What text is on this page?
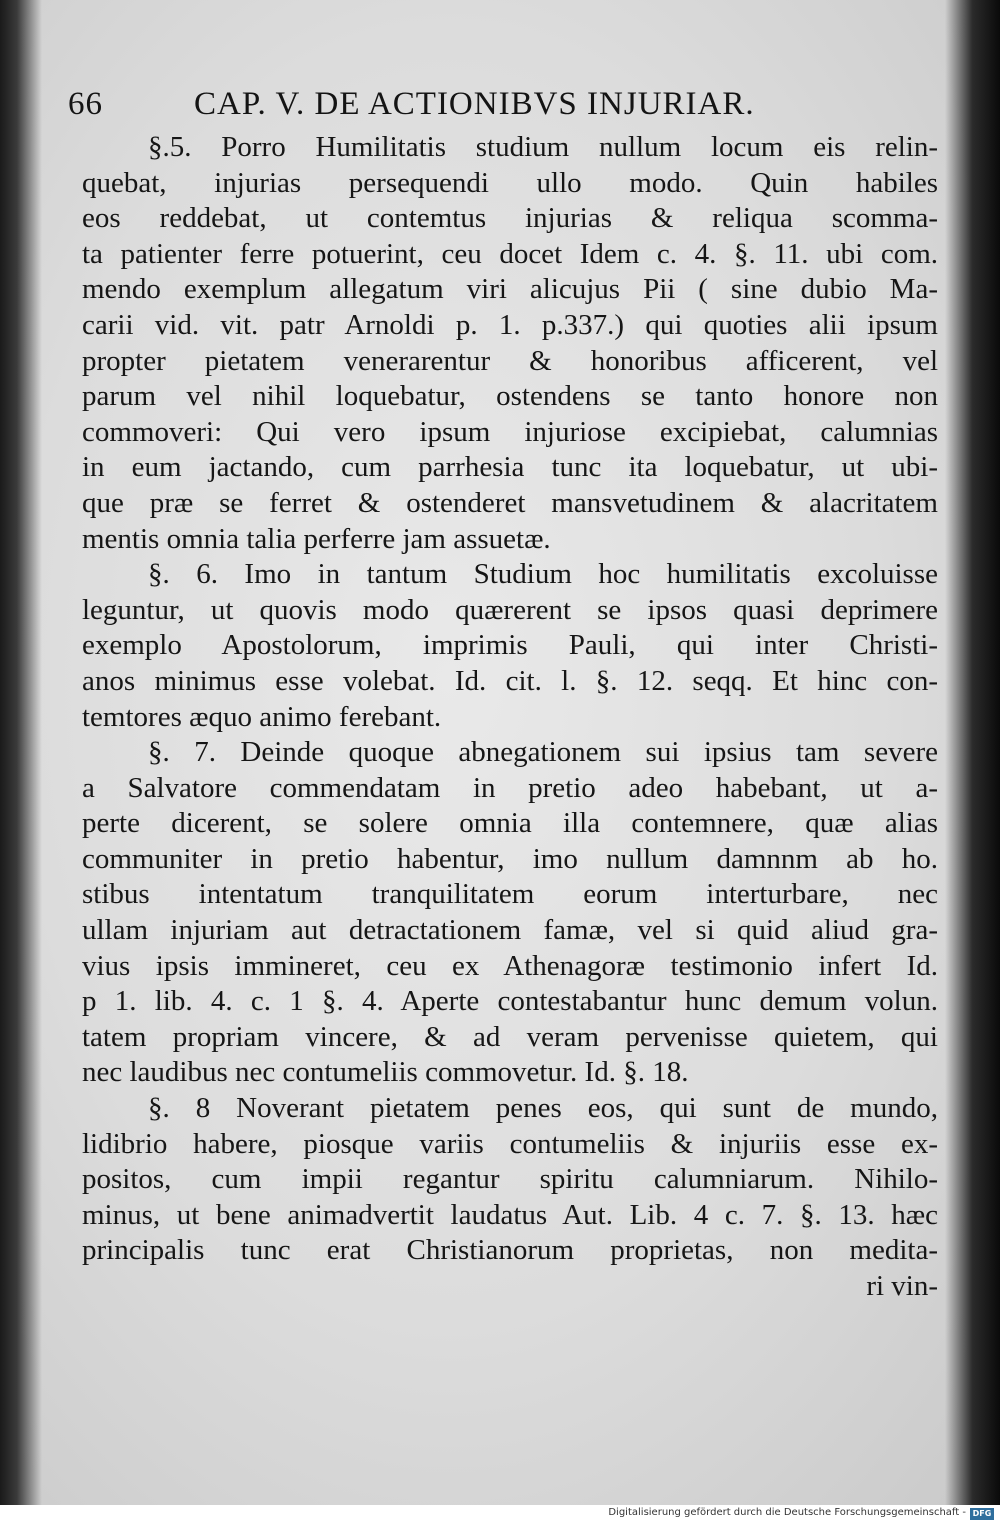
66	CAP. V. DE ACTIONIBVS INJURIAR.
§.5. Porro Humilitatis studium nullum locum eis relin-
quebat, injurias persequendi ullo modo. Quin habiles
eos reddebat, ut contemtus injurias & reliqua scomma-
ta patienter ferre potuerint, ceu docet Idem c. 4. §. 11. ubi com.
mendo exemplum allegatum viri alicujus Pii ( sine dubio Ma-
carii vid. vit. patr Arnoldi p. 1. p.337.) qui quoties alii ipsum
propter pietatem venerarentur & honoribus afficerent, vel
parum vel nihil loquebatur, ostendens se tanto honore non
commoveri: Qui vero ipsum injuriose excipiebat, calumnias
in eum jactando, cum parrhesia tunc ita loquebatur, ut ubi-
que præ se ferret & ostenderet mansvetudinem & alacritatem
mentis omnia talia perferre jam assuetæ.
§. 6. Imo in tantum Studium hoc humilitatis excoluisse
leguntur, ut quovis modo quærerent se ipsos quasi deprimere
exemplo Apostolorum, imprimis Pauli, qui inter Christi-
anos minimus esse volebat. Id. cit. l. §. 12. seqq. Et hinc con-
temtores æquo animo ferebant.
§. 7. Deinde quoque abnegationem sui ipsius tam severe
a Salvatore commendatam in pretio adeo habebant, ut a-
perte dicerent, se solere omnia illa contemnere, quæ alias
communiter in pretio habentur, imo nullum damnnm ab ho.
stibus intentatum tranquilitatem eorum interturbare, nec
ullam injuriam aut detractationem famæ, vel si quid aliud gra-
vius ipsis immineret, ceu ex Athenagoræ testimonio infert Id.
p 1. lib. 4. c. 1 §. 4. Aperte contestabantur hunc demum volun.
tatem propriam vincere, & ad veram pervenisse quietem, qui
nec laudibus nec contumeliis commovetur. Id. §. 18.
§. 8 Noverant pietatem penes eos, qui sunt de mundo,
lidibrio habere, piosque variis contumeliis & injuriis esse ex-
positos, cum impii regantur spiritu calumniarum. Nihilo-
minus, ut bene animadvertit laudatus Aut. Lib. 4 c. 7. §. 13. hæc
principalis tunc erat Christianorum proprietas, non medita-
ri vin-
Digitalisierung gefördert durch die Deutsche Forschungsgemeinschaft - DFG
